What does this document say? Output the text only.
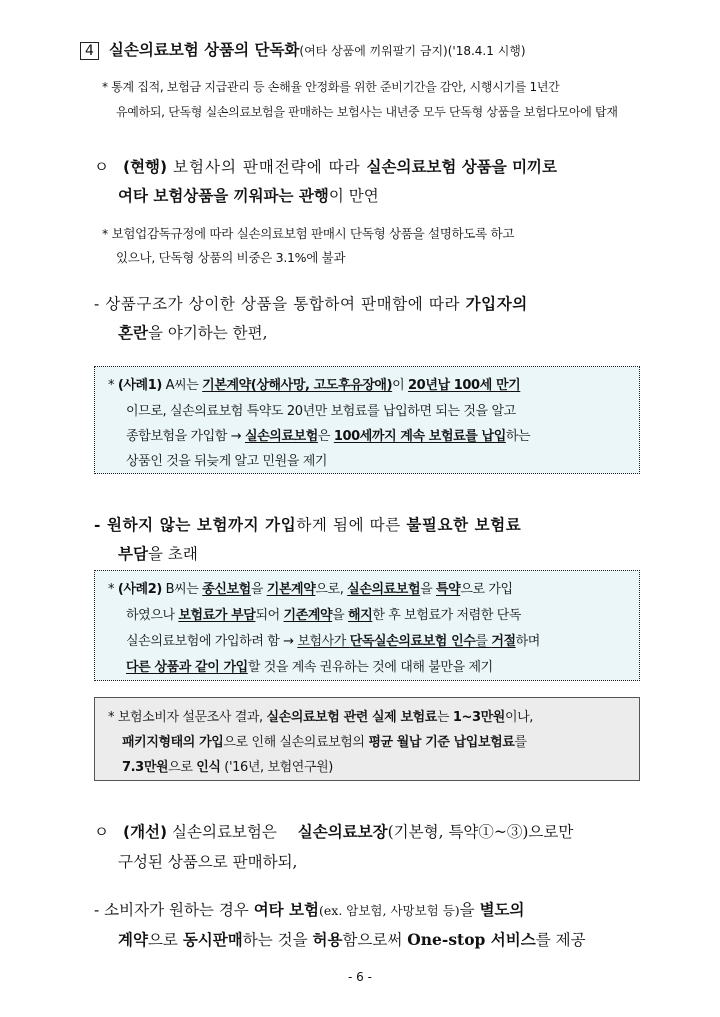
4 실손의료보험 상품의 단독화(여타 상품에 끼워팔기 금지)('18.4.1 시행)
* 통계 집적, 보험금 지급관리 등 손해율 안정화를 위한 준비기간을 감안, 시행시기를 1년간
유예하되, 단독형 실손의료보험을 판매하는 보험사는 내년중 모두 단독형 상품을 보험다모아에 탑재
ㅇ (현행) 보험사의 판매전략에 따라 실손의료보험 상품을 미끼로
여타 보험상품을 끼워파는 관행이 만연
* 보험업감독규정에 따라 실손의료보험 판매시 단독형 상품을 설명하도록 하고
있으나, 단독형 상품의 비중은 3.1%에 불과
- 상품구조가 상이한 상품을 통합하여 판매함에 따라 가입자의
혼란을 야기하는 한편,
* (사례1) A씨는 기본계약(상해사망, 고도후유장애)이 20년납 100세 만기
이므로, 실손의료보험 특약도 20년만 보험료를 납입하면 되는 것을 알고
종합보험을 가입함 → 실손의료보험은 100세까지 계속 보험료를 납입하는
상품인 것을 뒤늦게 알고 민원을 제기
- 원하지 않는 보험까지 가입하게 됨에 따른 불필요한 보험료
부담을 초래
* (사례2) B씨는 종신보험을 기본계약으로, 실손의료보험을 특약으로 가입
하였으나 보험료가 부담되어 기존계약을 해지한 후 보험료가 저렴한 단독
실손의료보험에 가입하려 함 → 보험사가 단독실손의료보험 인수를 거절하며
다른 상품과 같이 가입할 것을 계속 권유하는 것에 대해 불만을 제기
* 보험소비자 설문조사 결과, 실손의료보험 관련 실제 보험료는 1~3만원이나,
패키지형태의 가입으로 인해 실손의료보험의 평균 월납 기준 납입보험료를
7.3만원으로 인식 ('16년, 보험연구원)
ㅇ (개선) 실손의료보험은 실손의료보장(기본형, 특약①~③)으로만
구성된 상품으로 판매하되,
- 소비자가 원하는 경우 여타 보험(ex. 암보험, 사망보험 등)을 별도의
계약으로 동시판매하는 것을 허용함으로써 One-stop 서비스를 제공
- 6 -
